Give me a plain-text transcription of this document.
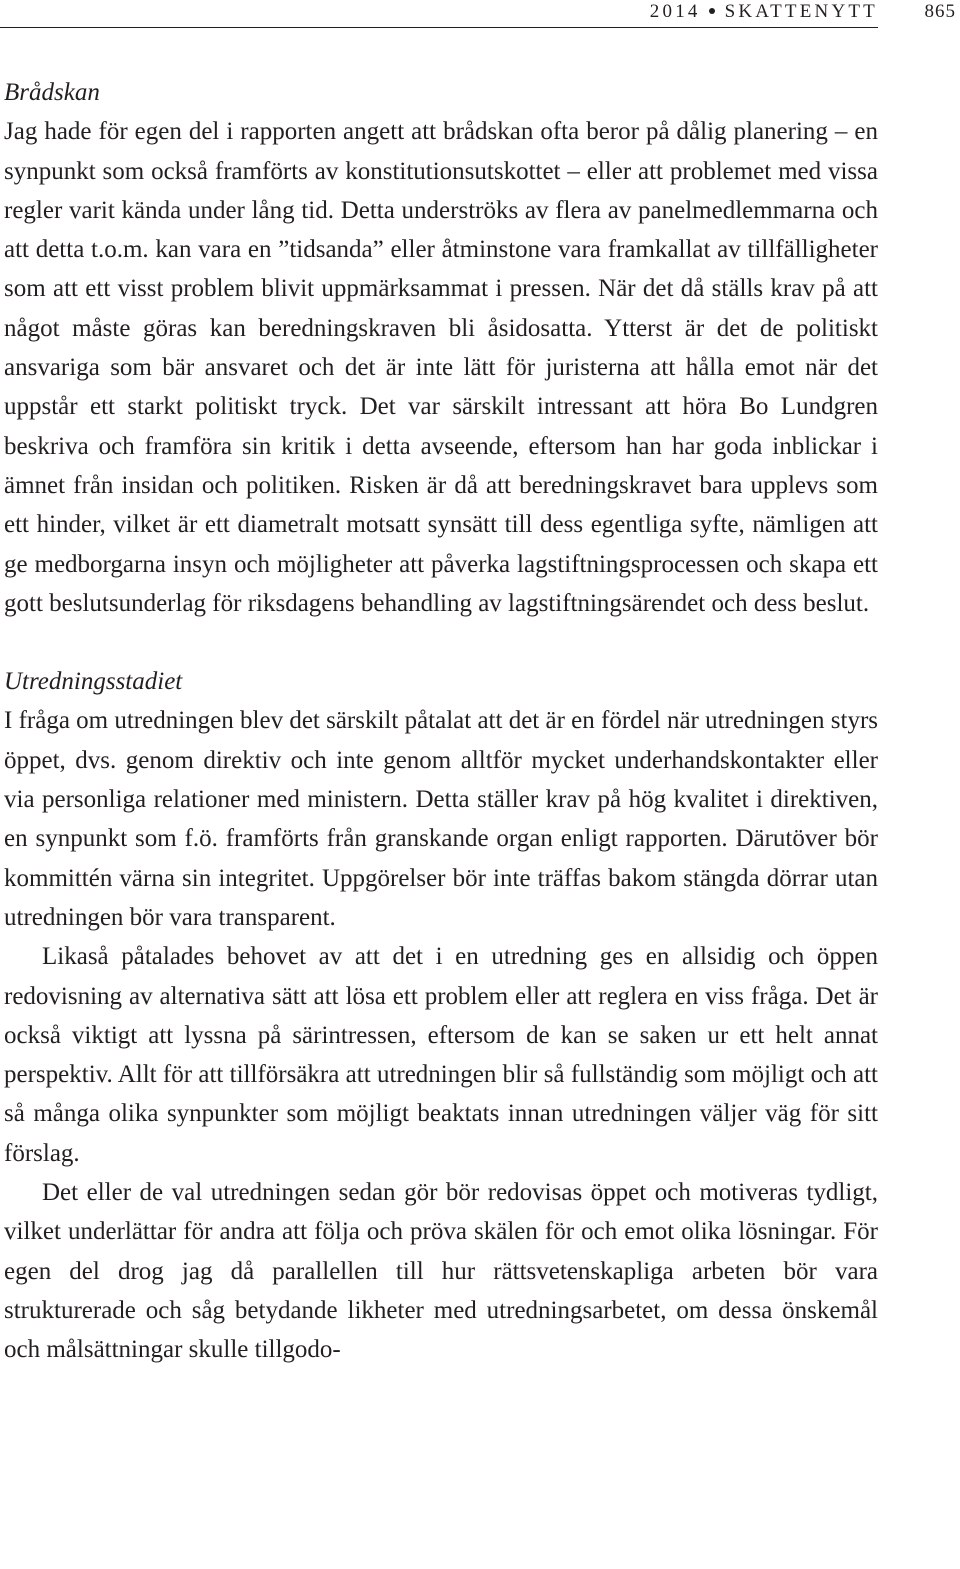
2014 SKATTENYTT 865
Brådskan

Jag hade för egen del i rapporten angett att brådskan ofta beror på dålig planering – en synpunkt som också framförts av konstitutionsutskottet – eller att problemet med vissa regler varit kända under lång tid. Detta underströks av flera av panelmedlemmarna och att detta t.o.m. kan vara en ”tidsanda” eller åtminstone vara framkallat av tillfälligheter som att ett visst problem blivit uppmärksammat i pressen. När det då ställs krav på att något måste göras kan beredningskraven bli åsidosatta. Ytterst är det de politiskt ansvariga som bär ansvaret och det är inte lätt för juristerna att hålla emot när det uppstår ett starkt politiskt tryck. Det var särskilt intressant att höra Bo Lundgren beskriva och framföra sin kritik i detta avseende, eftersom han har goda inblickar i ämnet från insidan och politiken. Risken är då att beredningskravet bara upplevs som ett hinder, vilket är ett diametralt motsatt synsätt till dess egentliga syfte, nämligen att ge medborgarna insyn och möjligheter att påverka lagstiftningsprocessen och skapa ett gott beslutsunderlag för riksdagens behandling av lagstiftningsärendet och dess beslut.

Utredningsstadiet

I fråga om utredningen blev det särskilt påtalat att det är en fördel när utredningen styrs öppet, dvs. genom direktiv och inte genom alltför mycket underhandskontakter eller via personliga relationer med ministern. Detta ställer krav på hög kvalitet i direktiven, en synpunkt som f.ö. framförts från granskande organ enligt rapporten. Därutöver bör kommittén värna sin integritet. Uppgörelser bör inte träffas bakom stängda dörrar utan utredningen bör vara transparent.

Likaså påtalades behovet av att det i en utredning ges en allsidig och öppen redovisning av alternativa sätt att lösa ett problem eller att reglera en viss fråga. Det är också viktigt att lyssna på särintressen, eftersom de kan se saken ur ett helt annat perspektiv. Allt för att tillförsäkra att utredningen blir så fullständig som möjligt och att så många olika synpunkter som möjligt beaktats innan utredningen väljer väg för sitt förslag.

Det eller de val utredningen sedan gör bör redovisas öppet och motiveras tydligt, vilket underlättar för andra att följa och pröva skälen för och emot olika lösningar. För egen del drog jag då parallellen till hur rättsvetenskapliga arbeten bör vara strukturerade och såg betydande likheter med utredningsarbetet, om dessa önskemål och målsättningar skulle tillgodo-
